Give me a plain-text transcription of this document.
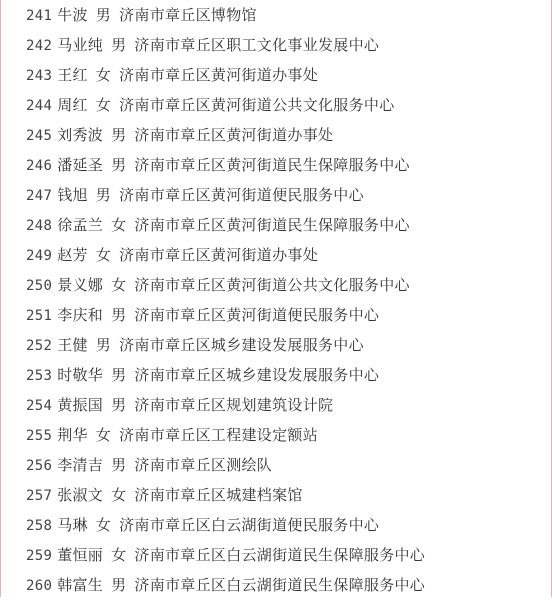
241 牛波 男 济南市章丘区博物馆
242 马业纯 男 济南市章丘区职工文化事业发展中心
243 王红 女 济南市章丘区黄河街道办事处
244 周红 女 济南市章丘区黄河街道公共文化服务中心
245 刘秀波 男 济南市章丘区黄河街道办事处
246 潘延圣 男 济南市章丘区黄河街道民生保障服务中心
247 钱旭 男 济南市章丘区黄河街道便民服务中心
248 徐孟兰 女 济南市章丘区黄河街道民生保障服务中心
249 赵芳 女 济南市章丘区黄河街道办事处
250 景义娜 女 济南市章丘区黄河街道公共文化服务中心
251 李庆和 男 济南市章丘区黄河街道便民服务中心
252 王健 男 济南市章丘区城乡建设发展服务中心
253 时敬华 男 济南市章丘区城乡建设发展服务中心
254 黄振国 男 济南市章丘区规划建筑设计院
255 荆华 女 济南市章丘区工程建设定额站
256 李清吉 男 济南市章丘区测绘队
257 张淑文 女 济南市章丘区城建档案馆
258 马琳 女 济南市章丘区白云湖街道便民服务中心
259 董恒丽 女 济南市章丘区白云湖街道民生保障服务中心
260 韩富生 男 济南市章丘区白云湖街道民生保障服务中心
